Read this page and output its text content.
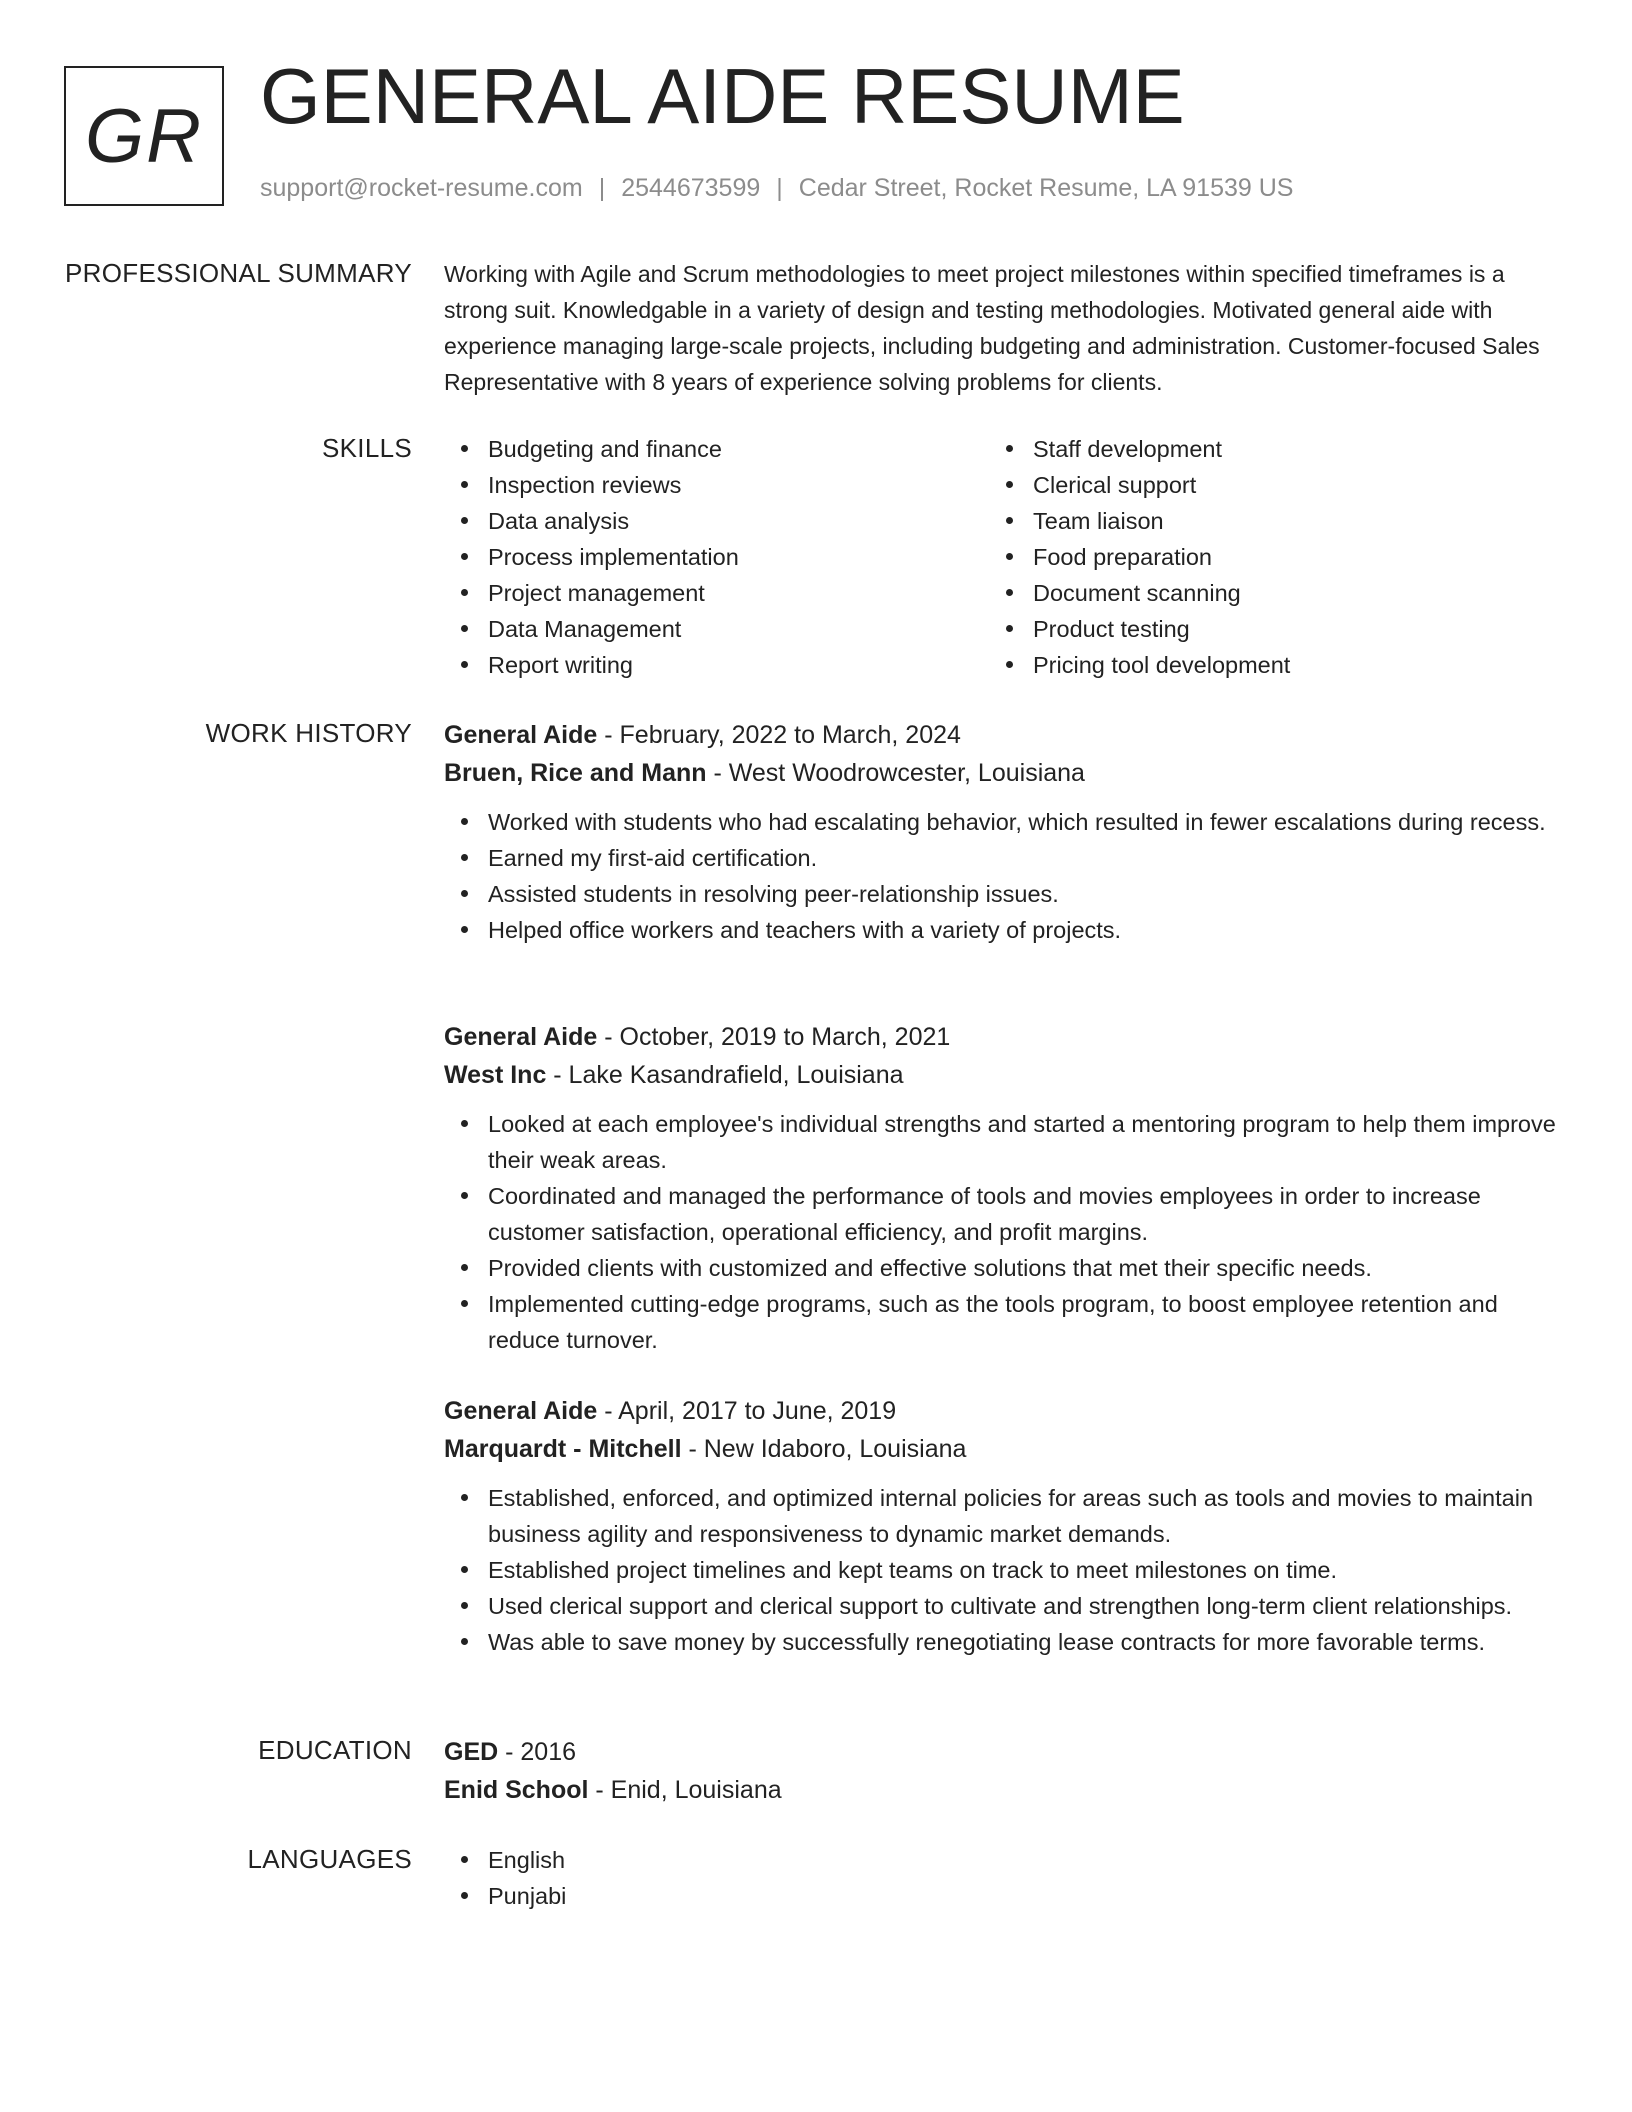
GR GENERAL AIDE RESUME
support@rocket-resume.com | 2544673599 | Cedar Street, Rocket Resume, LA 91539 US
PROFESSIONAL SUMMARY Working with Agile and Scrum methodologies to meet project milestones within specified timeframes is a strong suit. Knowledgable in a variety of design and testing methodologies. Motivated general aide with experience managing large-scale projects, including budgeting and administration. Customer-focused Sales Representative with 8 years of experience solving problems for clients.

SKILLS	Budgeting and finance
Inspection reviews
Data analysis
Process implementation
Project management
Data Management
Report writing
Staff development
Clerical support
Team liaison
Food preparation
Document scanning
Product testing
Pricing tool development
WORK HISTORY General Aide - February, 2022 to March, 2024

Bruen, Rice and Mann - West Woodrowcester, Louisiana

Worked with students who had escalating behavior, which resulted in fewer escalations during recess.
Earned my first-aid certification.
Assisted students in resolving peer-relationship issues.
Helped office workers and teachers with a variety of projects.

General Aide - October, 2019 to March, 2021

West Inc - Lake Kasandrafield, Louisiana

Looked at each employee's individual strengths and started a mentoring program to help them improve their weak areas.
Coordinated and managed the performance of tools and movies employees in order to increase customer satisfaction, operational efficiency, and profit margins.
Provided clients with customized and effective solutions that met their specific needs.
Implemented cutting-edge programs, such as the tools program, to boost employee retention and reduce turnover.

General Aide - April, 2017 to June, 2019

Marquardt - Mitchell - New Idaboro, Louisiana

Established, enforced, and optimized internal policies for areas such as tools and movies to maintain business agility and responsiveness to dynamic market demands.
Established project timelines and kept teams on track to meet milestones on time.
Used clerical support and clerical support to cultivate and strengthen long-term client relationships.
Was able to save money by successfully renegotiating lease contracts for more favorable terms.
EDUCATION GED - 2016

Enid School - Enid, Louisiana

LANGUAGES	English
Punjabi
